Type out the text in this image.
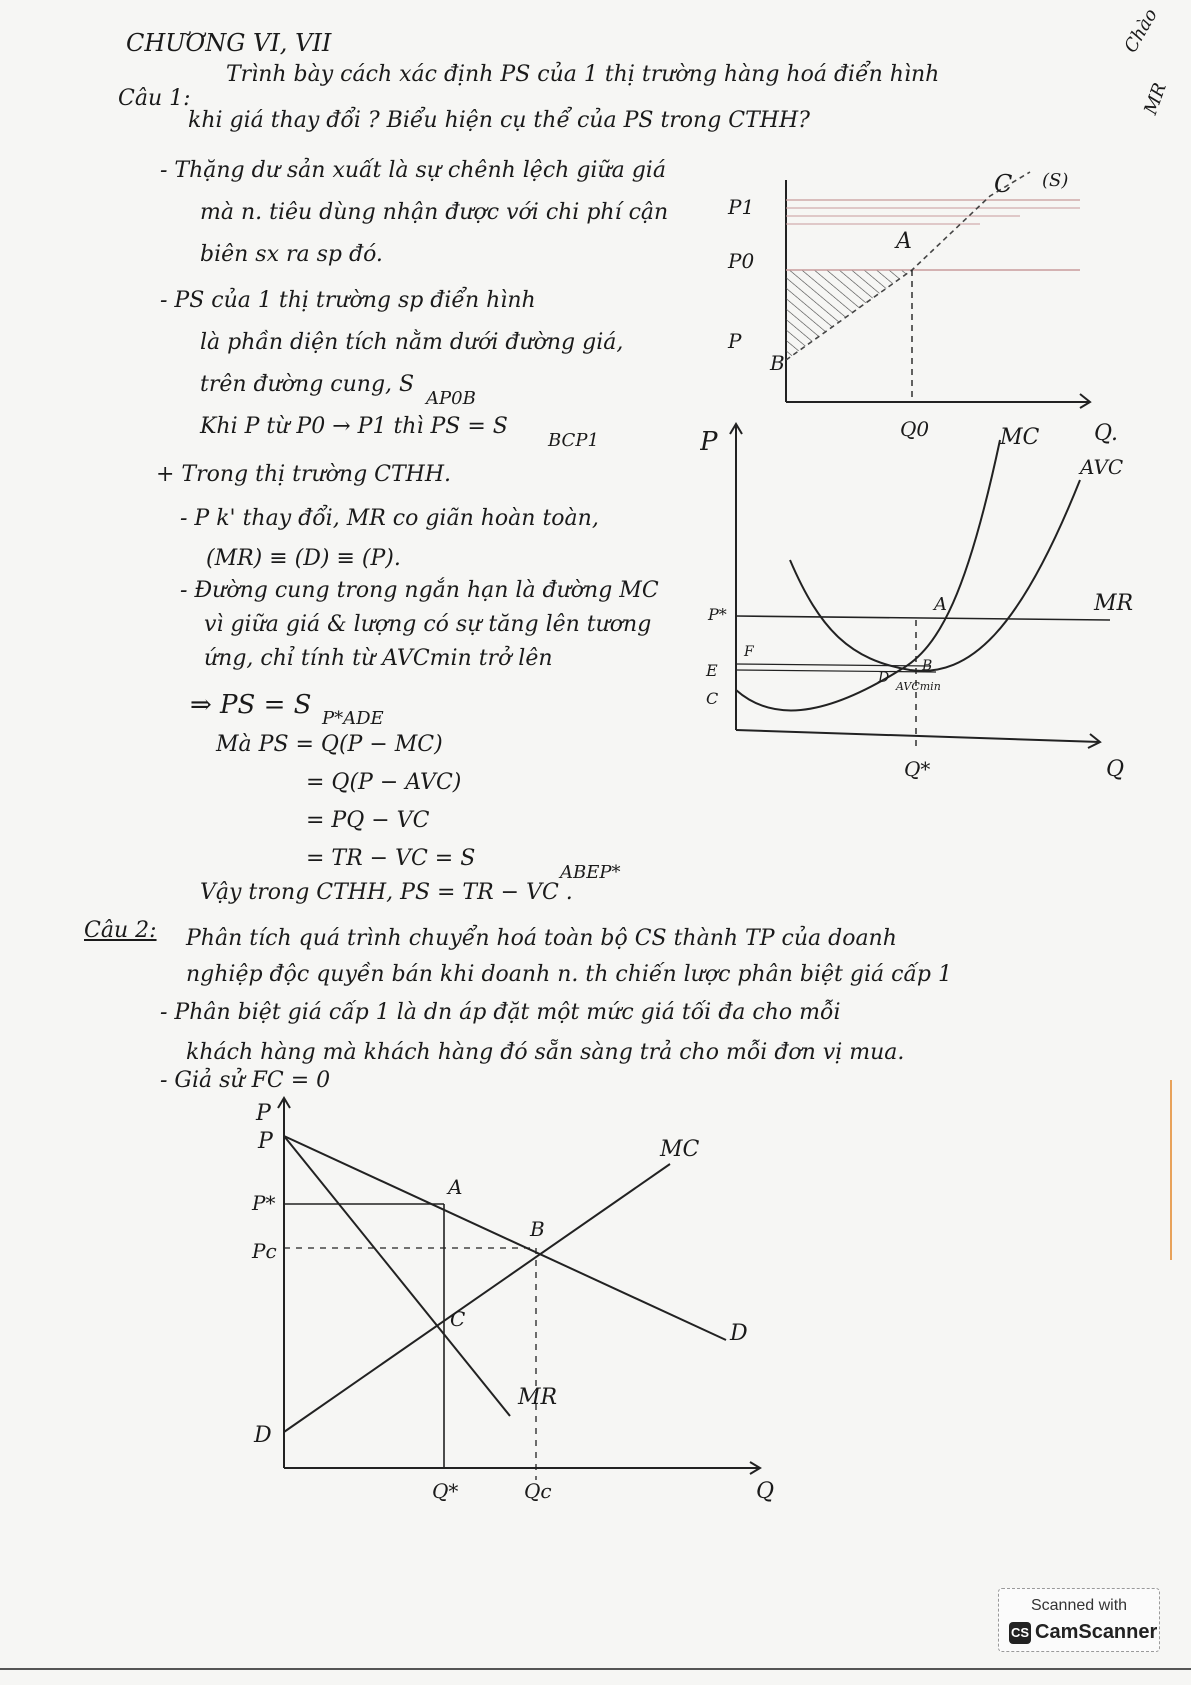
CHƯƠNG VI, VII	Chào
MR
Câu 1:
Trình bày cách xác định PS của 1 thị trường hàng hoá điển hình
khi giá thay đổi ? Biểu hiện cụ thể của PS trong CTHH?
- Thặng dư sản xuất là sự chênh lệch giữa giá
mà n. tiêu dùng nhận được với chi phí cận
biên sx ra sp đó.
- PS của 1 thị trường sp điển hình
là phần diện tích nằm dưới đường giá,
trên đường cung, S
AP0B
Khi P từ P0 → P1 thì PS = S
BCP1
+ Trong thị trường CTHH.
- P k' thay đổi, MR co giãn hoàn toàn,
(MR) ≡ (D) ≡ (P).
- Đường cung trong ngắn hạn là đường MC
vì giữa giá & lượng có sự tăng lên tương
ứng, chỉ tính từ AVCmin trở lên
⇒ PS = S P*ADE
Mà PS = Q(P − MC)
= Q(P − AVC)
= PQ − VC
= TR − VC = S
ABEP*
Vậy trong CTHH, PS = TR − VC .
Câu 2: Phân tích quá trình chuyển hoá toàn bộ CS thành TP của doanh
nghiệp độc quyền bán khi doanh n. th chiến lược phân biệt giá cấp 1
- Phân biệt giá cấp 1 là dn áp đặt một mức giá tối đa cho mỗi
khách hàng mà khách hàng đó sẵn sàng trả cho mỗi đơn vị mua.
- Giả sử FC = 0
P1
P0
P
B
A
C (S)
Q0	Q.
P	MC
AVC
MR
P*
F
E
C
A
B
D
AVCmin
Q*	Q
P
P
P*
Pc
D
A
B
C
MC
D
MR
Q*	Qc	Q
Scanned with
CS CamScanner
